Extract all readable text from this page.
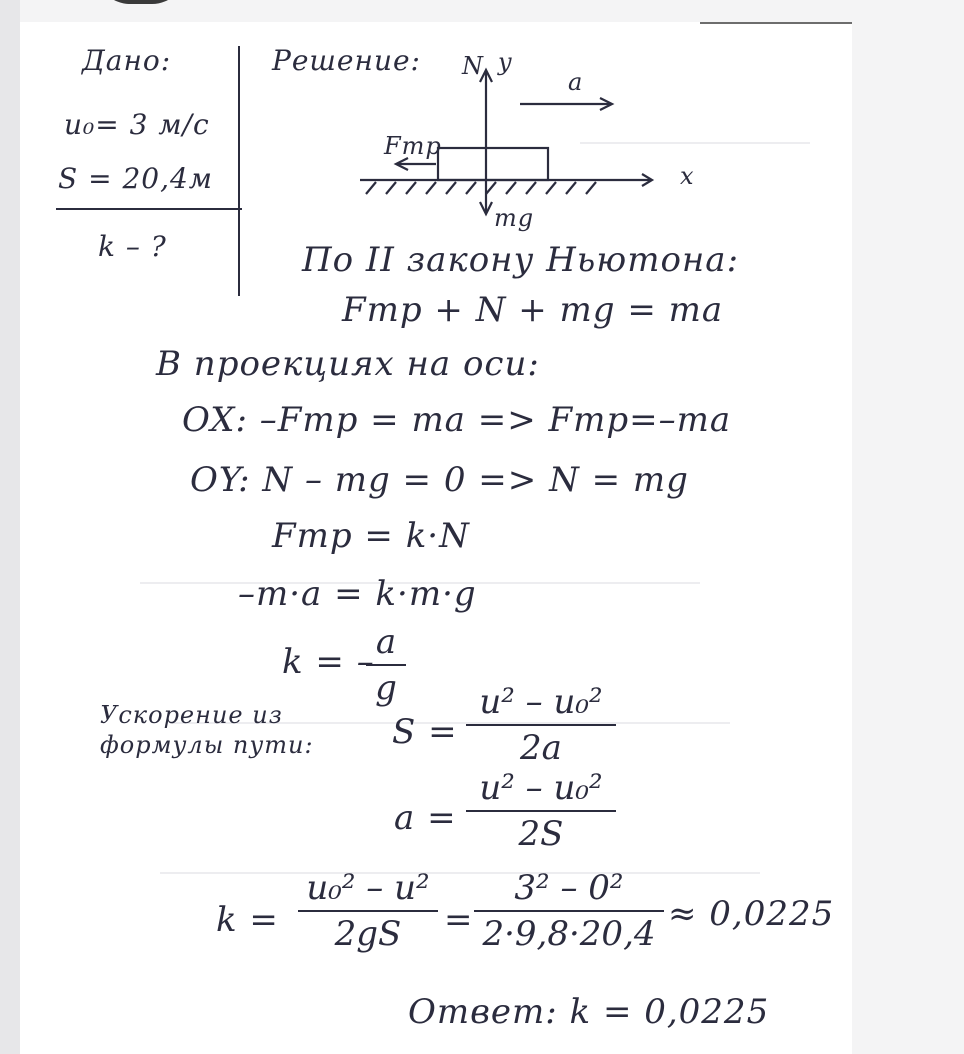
Дано:
u₀= 3 м/с
S = 20,4м
k – ?
Решение: N y
a
Fтр
x
mg
По II закону Ньютона:
Fтр + N + mg = ma
В проекциях на оси:
OX: –Fтр = ma => Fтр=–ma
OY: N – mg = 0 => N = mg
Fтр = k·N
–m·a = k·m·g
k = – a
g
Ускорение из формулы пути:	S =
u² – u₀²
2a
a =
u² – u₀²
2S
k =
u₀² – u²
2gS	=
3² – 0²
2·9,8·20,4 ≈ 0,0225
Ответ: k = 0,0225
